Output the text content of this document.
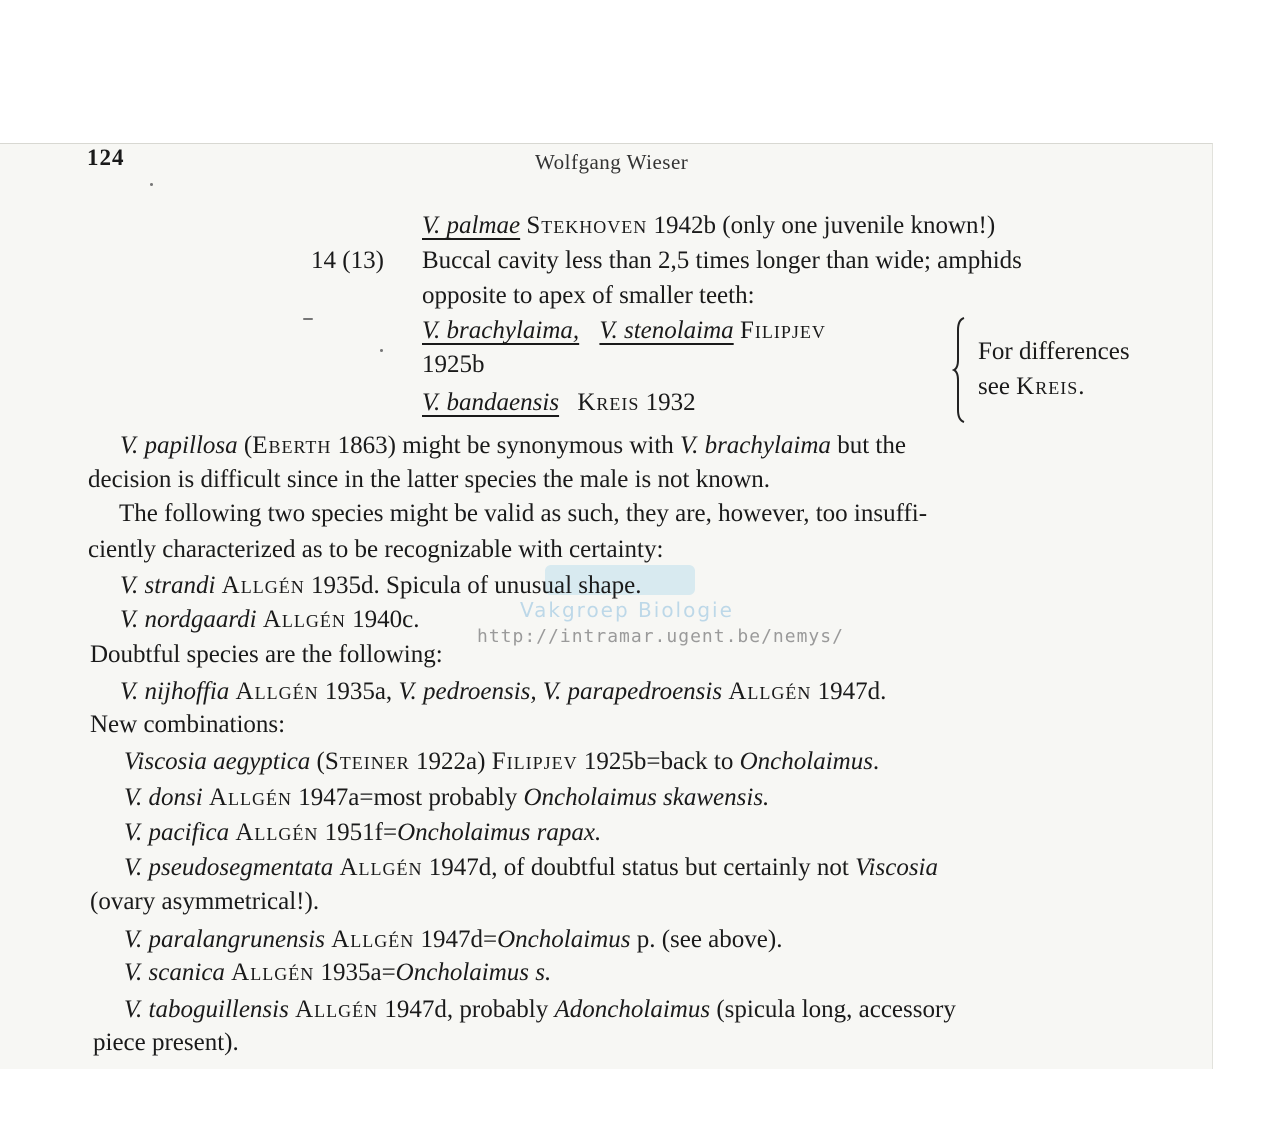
124	Wolfgang Wieser
V. palmae Stekhoven 1942b (only one juvenile known!)
14 (13) Buccal cavity less than 2,5 times longer than wide; amphids
opposite to apex of smaller teeth:
V. brachylaima, V. stenolaima Filipjev
1925b
V. bandaensis Kreis 1932
For differences
see Kreis.
Vakgroep Biologie
http://intramar.ugent.be/nemys/
V. papillosa (Eberth 1863) might be synonymous with V. brachylaima but the
decision is difficult since in the latter species the male is not known.
The following two species might be valid as such, they are, however, too insuffi-
ciently characterized as to be recognizable with certainty:
V. strandi Allgén 1935d. Spicula of unusual shape.
V. nordgaardi Allgén 1940c.
Doubtful species are the following:
V. nijhoffia Allgén 1935a, V. pedroensis, V. parapedroensis Allgén 1947d.
New combinations:
Viscosia aegyptica (Steiner 1922a) Filipjev 1925b=back to Oncholaimus.
V. donsi Allgén 1947a=most probably Oncholaimus skawensis.
V. pacifica Allgén 1951f=Oncholaimus rapax.
V. pseudosegmentata Allgén 1947d, of doubtful status but certainly not Viscosia
(ovary asymmetrical!).
V. paralangrunensis Allgén 1947d=Oncholaimus p. (see above).
V. scanica Allgén 1935a=Oncholaimus s.
V. taboguillensis Allgén 1947d, probably Adoncholaimus (spicula long, accessory
piece present).
